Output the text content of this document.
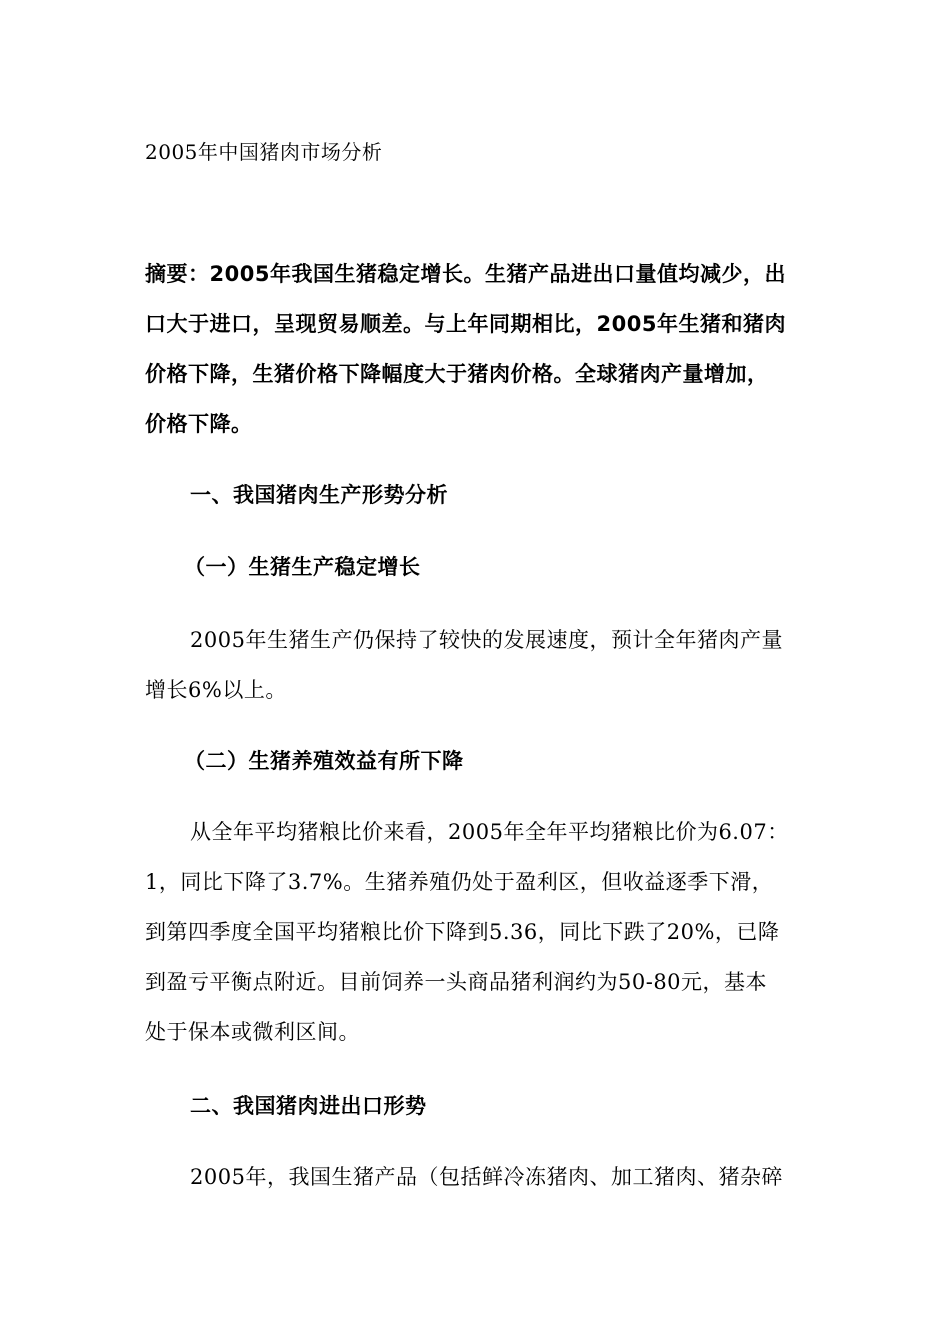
2005年中国猪肉市场分析
摘要：2005年我国生猪稳定增长。生猪产品进出口量值均减少，出
口大于进口，呈现贸易顺差。与上年同期相比，2005年生猪和猪肉
价格下降，生猪价格下降幅度大于猪肉价格。全球猪肉产量增加，
价格下降。
一、我国猪肉生产形势分析
（一）生猪生产稳定增长
2005年生猪生产仍保持了较快的发展速度，预计全年猪肉产量
增长6%以上。
（二）生猪养殖效益有所下降
从全年平均猪粮比价来看，2005年全年平均猪粮比价为6.07：
1，同比下降了3.7%。生猪养殖仍处于盈利区，但收益逐季下滑，
到第四季度全国平均猪粮比价下降到5.36，同比下跌了20%，已降
到盈亏平衡点附近。目前饲养一头商品猪利润约为50-80元，基本
处于保本或微利区间。
二、我国猪肉进出口形势
2005年，我国生猪产品（包括鲜冷冻猪肉、加工猪肉、猪杂碎
